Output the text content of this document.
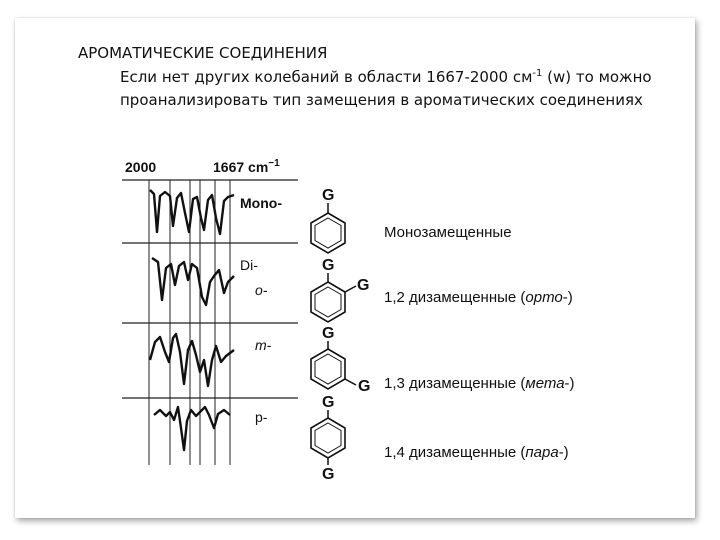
АРОМАТИЧЕСКИЕ СОЕДИНЕНИЯ
Если нет других колебаний в области 1667-2000 $см^{-1}$ (w) то можно
проанализировать тип замещения в ароматических соединениях
2000	1667 $cm^{-1}$
Mono-
Di-
o-
m-
p-
G
G
G
G
G
G
G
Монозамещенные
1,2 дизамещенные (орто-)
1,3 дизамещенные (мета-)
1,4 дизамещенные (пара-)
